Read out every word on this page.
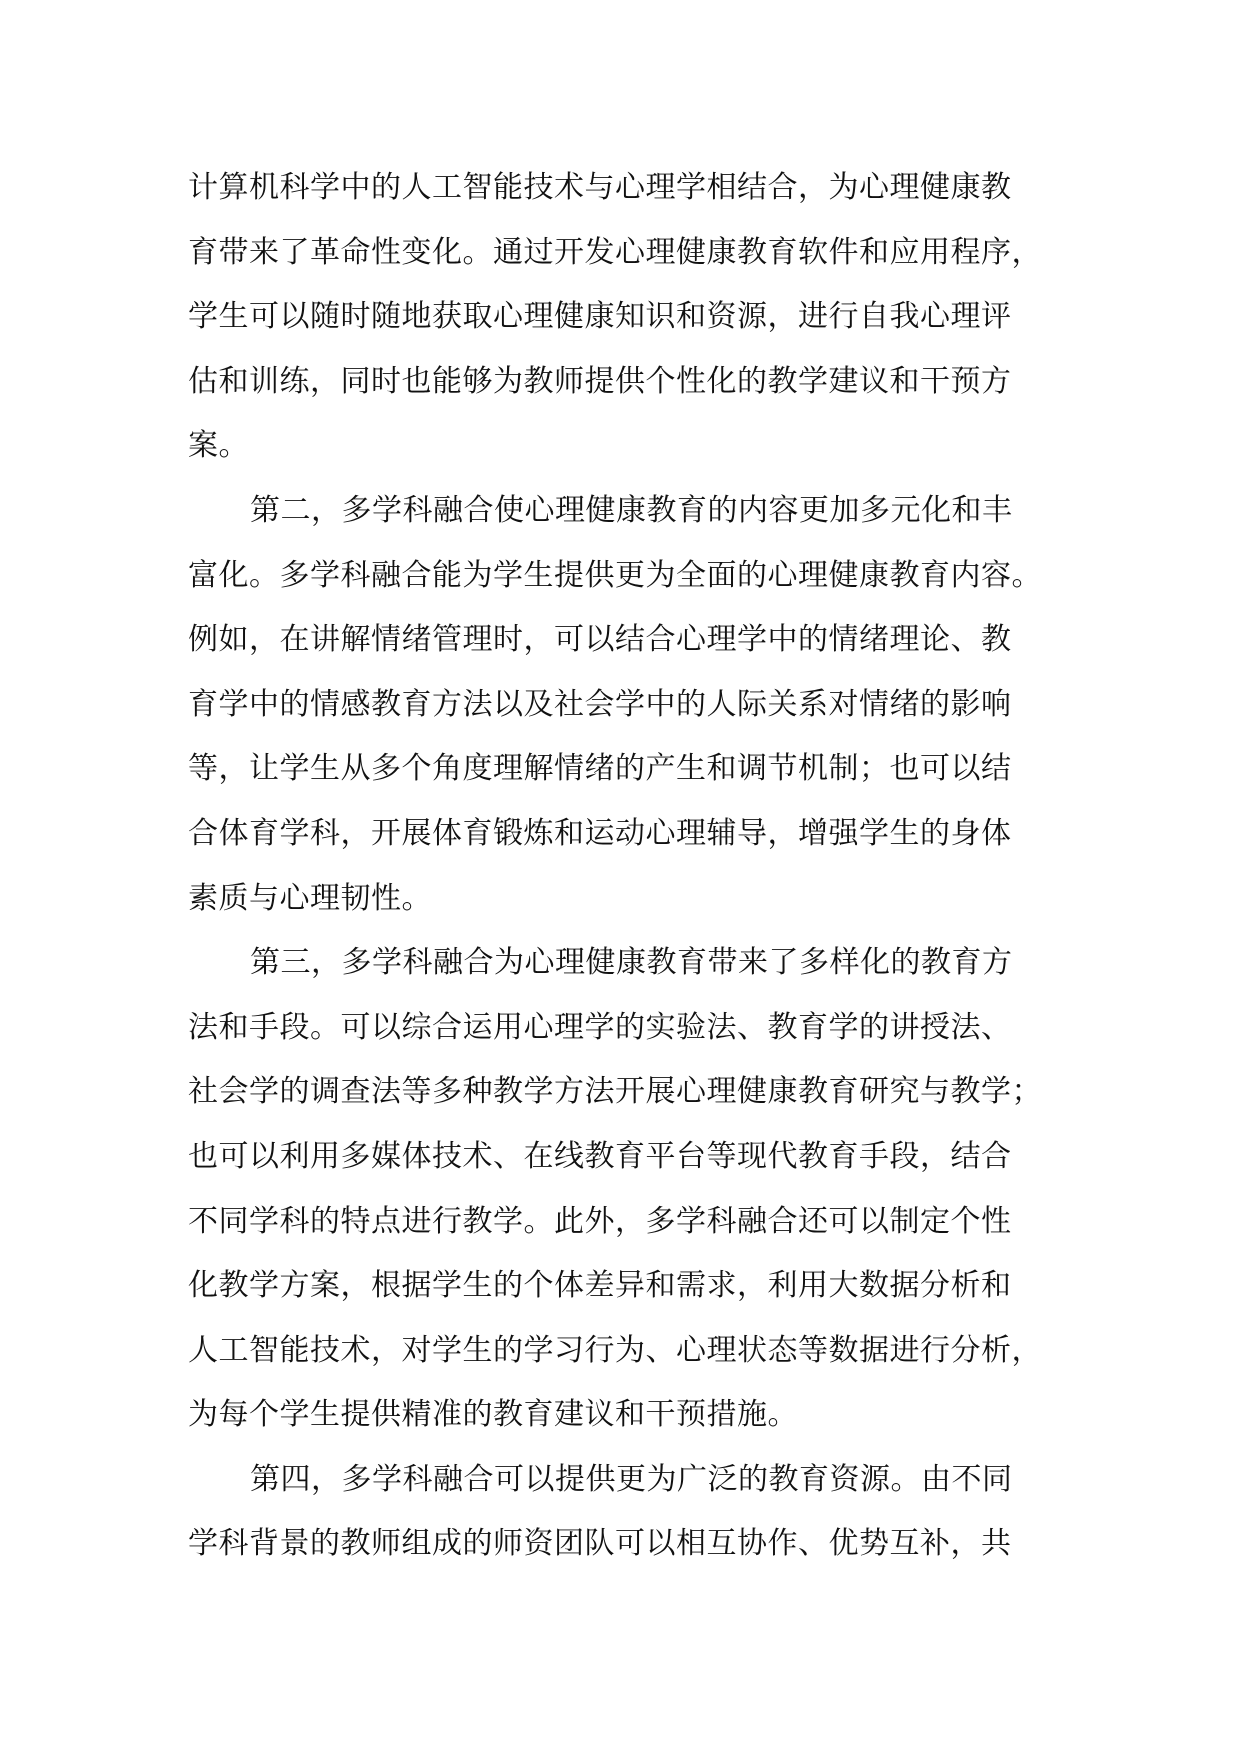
计算机科学中的人工智能技术与心理学相结合，为心理健康教
育带来了革命性变化。通过开发心理健康教育软件和应用程序，
学生可以随时随地获取心理健康知识和资源，进行自我心理评
估和训练，同时也能够为教师提供个性化的教学建议和干预方
案。
第二，多学科融合使心理健康教育的内容更加多元化和丰
富化。多学科融合能为学生提供更为全面的心理健康教育内容。
例如，在讲解情绪管理时，可以结合心理学中的情绪理论、教
育学中的情感教育方法以及社会学中的人际关系对情绪的影响
等，让学生从多个角度理解情绪的产生和调节机制；也可以结
合体育学科，开展体育锻炼和运动心理辅导，增强学生的身体
素质与心理韧性。
第三，多学科融合为心理健康教育带来了多样化的教育方
法和手段。可以综合运用心理学的实验法、教育学的讲授法、
社会学的调查法等多种教学方法开展心理健康教育研究与教学；
也可以利用多媒体技术、在线教育平台等现代教育手段，结合
不同学科的特点进行教学。此外，多学科融合还可以制定个性
化教学方案，根据学生的个体差异和需求，利用大数据分析和
人工智能技术，对学生的学习行为、心理状态等数据进行分析，
为每个学生提供精准的教育建议和干预措施。
第四，多学科融合可以提供更为广泛的教育资源。由不同
学科背景的教师组成的师资团队可以相互协作、优势互补，共
